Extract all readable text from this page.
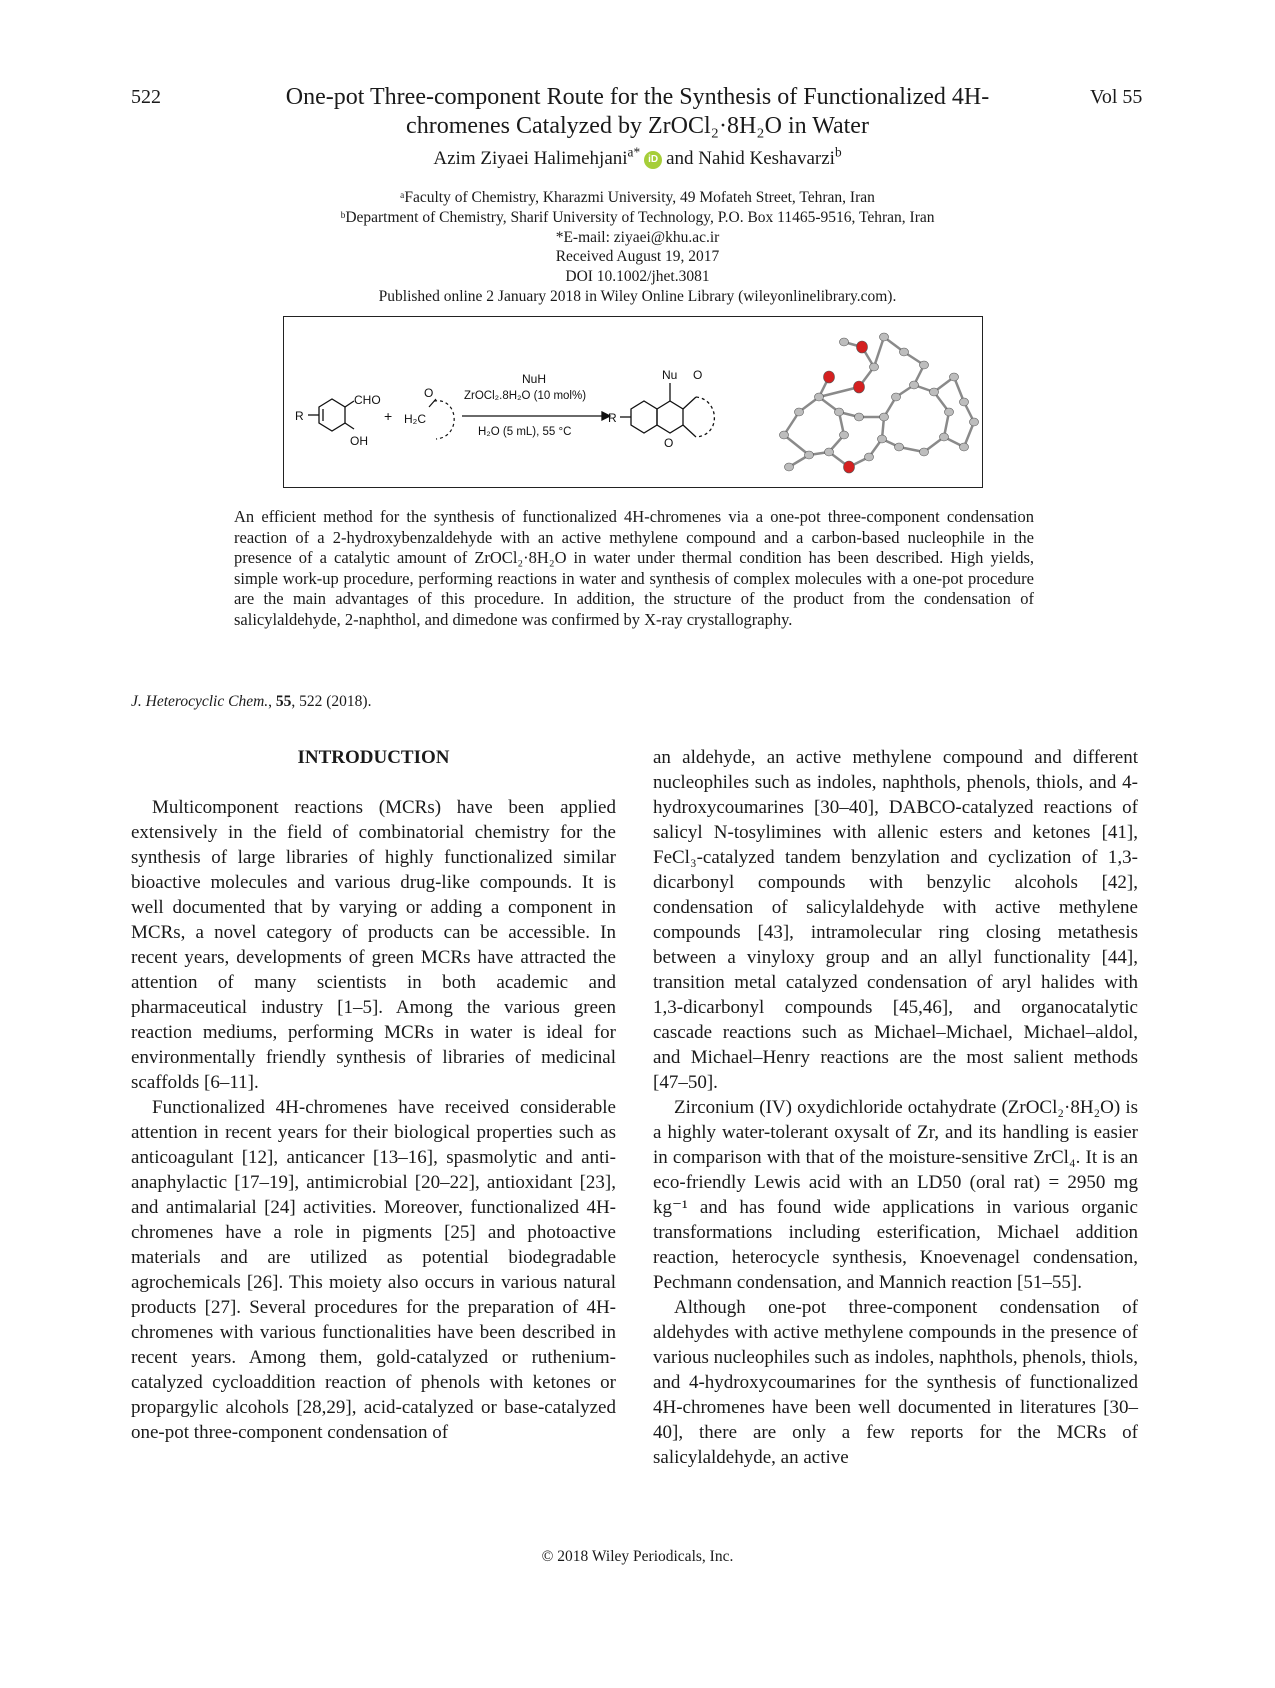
522	Vol 55
One-pot Three-component Route for the Synthesis of Functionalized 4H-
chromenes Catalyzed by ZrOCl₂·8H₂O in Water
Azim Ziyaei Halimehjani$^{a*}$ iD and Nahid Keshavarzi$^b$
ᵃFaculty of Chemistry, Kharazmi University, 49 Mofateh Street, Tehran, Iran
ᵇDepartment of Chemistry, Sharif University of Technology, P.O. Box 11465-9516, Tehran, Iran
*E-mail: ziyaei@khu.ac.ir
Received August 19, 2017
DOI 10.1002/jhet.3081
Published online 2 January 2018 in Wiley Online Library (wileyonlinelibrary.com).
R
CHO
OH
+
O
H₂C
NuH
ZrOCl₂.8H₂O (10 mol%)
H₂O (5 mL), 55 °C
Nu O
O
R
An efficient method for the synthesis of functionalized 4H-chromenes via a one-pot three-component condensation reaction of a 2-hydroxybenzaldehyde with an active methylene compound and a carbon-based nucleophile in the presence of a catalytic amount of ZrOCl₂·8H₂O in water under thermal condition has been described. High yields, simple work-up procedure, performing reactions in water and synthesis of complex molecules with a one-pot procedure are the main advantages of this procedure. In addition, the structure of the product from the condensation of salicylaldehyde, 2-naphthol, and dimedone was confirmed by X-ray crystallography.
J. Heterocyclic Chem., 55, 522 (2018).
INTRODUCTION

Multicomponent reactions (MCRs) have been applied extensively in the field of combinatorial chemistry for the synthesis of large libraries of highly functionalized similar bioactive molecules and various drug-like compounds. It is well documented that by varying or adding a component in MCRs, a novel category of products can be accessible. In recent years, developments of green MCRs have attracted the attention of many scientists in both academic and pharmaceutical industry [1–5]. Among the various green reaction mediums, performing MCRs in water is ideal for environmentally friendly synthesis of libraries of medicinal scaffolds [6–11].

Functionalized 4H-chromenes have received considerable attention in recent years for their biological properties such as anticoagulant [12], anticancer [13–16], spasmolytic and anti-anaphylactic [17–19], antimicrobial [20–22], antioxidant [23], and antimalarial [24] activities. Moreover, functionalized 4H-chromenes have a role in pigments [25] and photoactive materials and are utilized as potential biodegradable agrochemicals [26]. This moiety also occurs in various natural products [27]. Several procedures for the preparation of 4H-chromenes with various functionalities have been described in recent years. Among them, gold-catalyzed or ruthenium-catalyzed cycloaddition reaction of phenols with ketones or propargylic alcohols [28,29], acid-catalyzed or base-catalyzed one-pot three-component condensation of

an aldehyde, an active methylene compound and different nucleophiles such as indoles, naphthols, phenols, thiols, and 4-hydroxycoumarines [30–40], DABCO-catalyzed reactions of salicyl N-tosylimines with allenic esters and ketones [41], FeCl₃-catalyzed tandem benzylation and cyclization of 1,3-dicarbonyl compounds with benzylic alcohols [42], condensation of salicylaldehyde with active methylene compounds [43], intramolecular ring closing metathesis between a vinyloxy group and an allyl functionality [44], transition metal catalyzed condensation of aryl halides with 1,3-dicarbonyl compounds [45,46], and organocatalytic cascade reactions such as Michael–Michael, Michael–aldol, and Michael–Henry reactions are the most salient methods [47–50].

Zirconium (IV) oxydichloride octahydrate (ZrOCl₂·8H₂O) is a highly water-tolerant oxysalt of Zr, and its handling is easier in comparison with that of the moisture-sensitive ZrCl₄. It is an eco-friendly Lewis acid with an LD50 (oral rat) = 2950 mg kg⁻¹ and has found wide applications in various organic transformations including esterification, Michael addition reaction, heterocycle synthesis, Knoevenagel condensation, Pechmann condensation, and Mannich reaction [51–55].

Although one-pot three-component condensation of aldehydes with active methylene compounds in the presence of various nucleophiles such as indoles, naphthols, phenols, thiols, and 4-hydroxycoumarines for the synthesis of functionalized 4H-chromenes have been well documented in literatures [30–40], there are only a few reports for the MCRs of salicylaldehyde, an active

© 2018 Wiley Periodicals, Inc.
